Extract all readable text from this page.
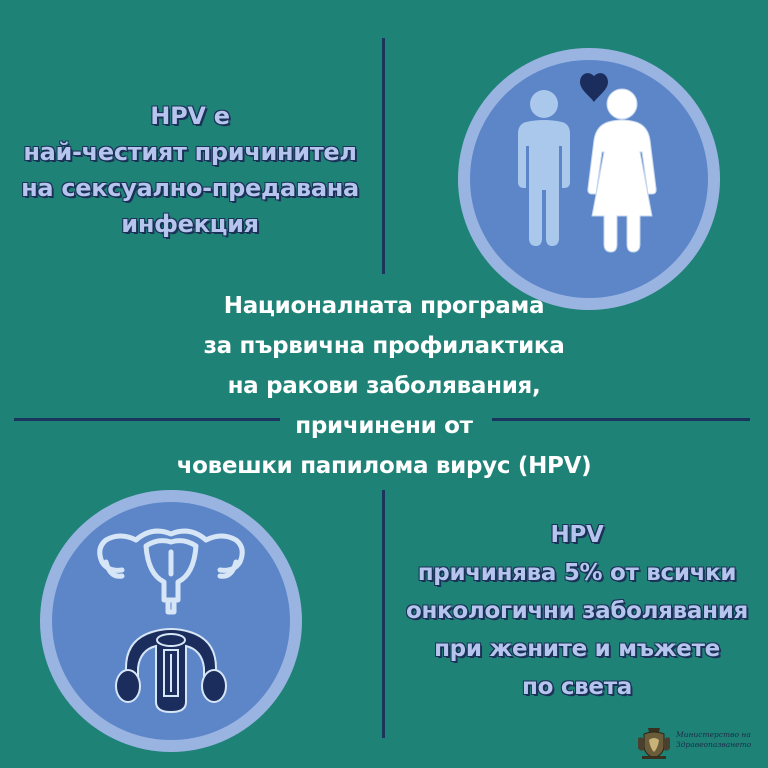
HPV е
най-честият причинител
на сексуално-предавана
инфекция
Националната програма
за първична профилактика
на ракови заболявания,
причинени от
човешки папилома вирус (HPV)
HPV
причинява 5% от всички
онкологични заболявания
при жените и мъжете
по света
Министерство на
Здравеопазването
